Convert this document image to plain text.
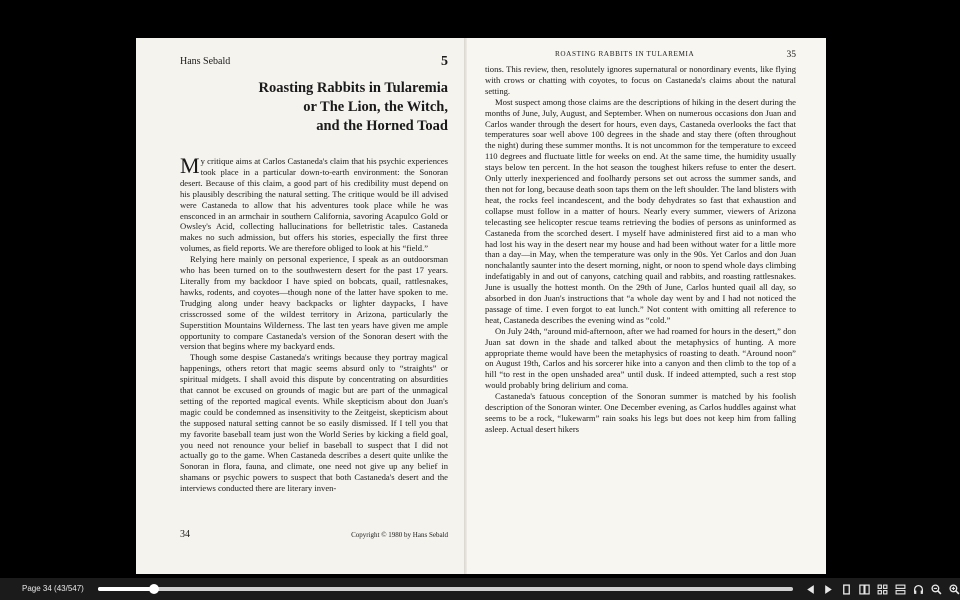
Hans Sebald	5
Roasting Rabbits in Tularemia
or The Lion, the Witch,
and the Horned Toad

My critique aims at Carlos Castaneda's claim that his psychic experiences took place in a particular down-to-earth environment: the Sonoran desert. Because of this claim, a good part of his credibility must depend on his plausibly describing the natural setting. The critique would be ill advised were Castaneda to allow that his adventures took place while he was ensconced in an armchair in southern California, savoring Acapulco Gold or Owsley's Acid, collecting hallucinations for belletristic tales. Castaneda makes no such admission, but offers his stories, especially the first three volumes, as field reports. We are therefore obliged to look at his “field.”

Relying here mainly on personal experience, I speak as an outdoorsman who has been turned on to the southwestern desert for the past 17 years. Literally from my backdoor I have spied on bobcats, quail, rattlesnakes, hawks, rodents, and coyotes—though none of the latter have spoken to me. Trudging along under heavy backpacks or lighter daypacks, I have crisscrossed some of the wildest territory in Arizona, particularly the Superstition Mountains Wilderness. The last ten years have given me ample opportunity to compare Castaneda's version of the Sonoran desert with the version that begins where my backyard ends.

Though some despise Castaneda's writings because they portray magical happenings, others retort that magic seems absurd only to “straights” or spiritual midgets. I shall avoid this dispute by concentrating on absurdities that cannot be excused on grounds of magic but are part of the unmagical setting of the reported magical events. While skepticism about don Juan's magic could be condemned as insensitivity to the Zeitgeist, skepticism about the supposed natural setting cannot be so easily dismissed. If I tell you that my favorite baseball team just won the World Series by kicking a field goal, you need not renounce your belief in baseball to suspect that I did not actually go to the game. When Castaneda describes a desert quite unlike the Sonoran in flora, fauna, and climate, one need not give up any belief in shamans or psychic powers to suspect that both Castaneda's desert and the interviews conducted there are literary inven-

34	Copyright © 1980 by Hans Sebald
ROASTING RABBITS IN TULAREMIA	35

tions. This review, then, resolutely ignores supernatural or nonordinary events, like flying with crows or chatting with coyotes, to focus on Castaneda's claims about the natural setting.

Most suspect among those claims are the descriptions of hiking in the desert during the months of June, July, August, and September. When on numerous occasions don Juan and Carlos wander through the desert for hours, even days, Castaneda overlooks the fact that temperatures soar well above 100 degrees in the shade and stay there (often throughout the night) during these summer months. It is not uncommon for the temperature to exceed 110 degrees and fluctuate little for weeks on end. At the same time, the humidity usually stays below ten percent. In the hot season the toughest hikers refuse to enter the desert. Only utterly inexperienced and foolhardy persons set out across the summer sands, and then not for long, because death soon taps them on the left shoulder. The land blisters with heat, the rocks feel incandescent, and the body dehydrates so fast that exhaustion and collapse must follow in a matter of hours. Nearly every summer, viewers of Arizona telecasting see helicopter rescue teams retrieving the bodies of persons as uninformed as Castaneda from the scorched desert. I myself have administered first aid to a man who had lost his way in the desert near my house and had been without water for a little more than a day—in May, when the temperature was only in the 90s. Yet Carlos and don Juan nonchalantly saunter into the desert morning, night, or noon to spend whole days climbing indefatigably in and out of canyons, catching quail and rabbits, and roasting rattlesnakes. June is usually the hottest month. On the 29th of June, Carlos hunted quail all day, so absorbed in don Juan's instructions that “a whole day went by and I had not noticed the passage of time. I even forgot to eat lunch.” Not content with omitting all reference to heat, Castaneda describes the evening wind as “cold.”

On July 24th, “around mid-afternoon, after we had roamed for hours in the desert,” don Juan sat down in the shade and talked about the metaphysics of hunting. A more appropriate theme would have been the metaphysics of roasting to death. “Around noon” on August 19th, Carlos and his sorcerer hike into a canyon and then climb to the top of a hill “to rest in the open unshaded area” until dusk. If indeed attempted, such a rest stop would probably bring delirium and coma.

Castaneda's fatuous conception of the Sonoran summer is matched by his foolish description of the Sonoran winter. One December evening, as Carlos huddles against what seems to be a rock, “lukewarm” rain soaks his legs but does not keep him from falling asleep. Actual desert hikers

Page 34 (43/547)
